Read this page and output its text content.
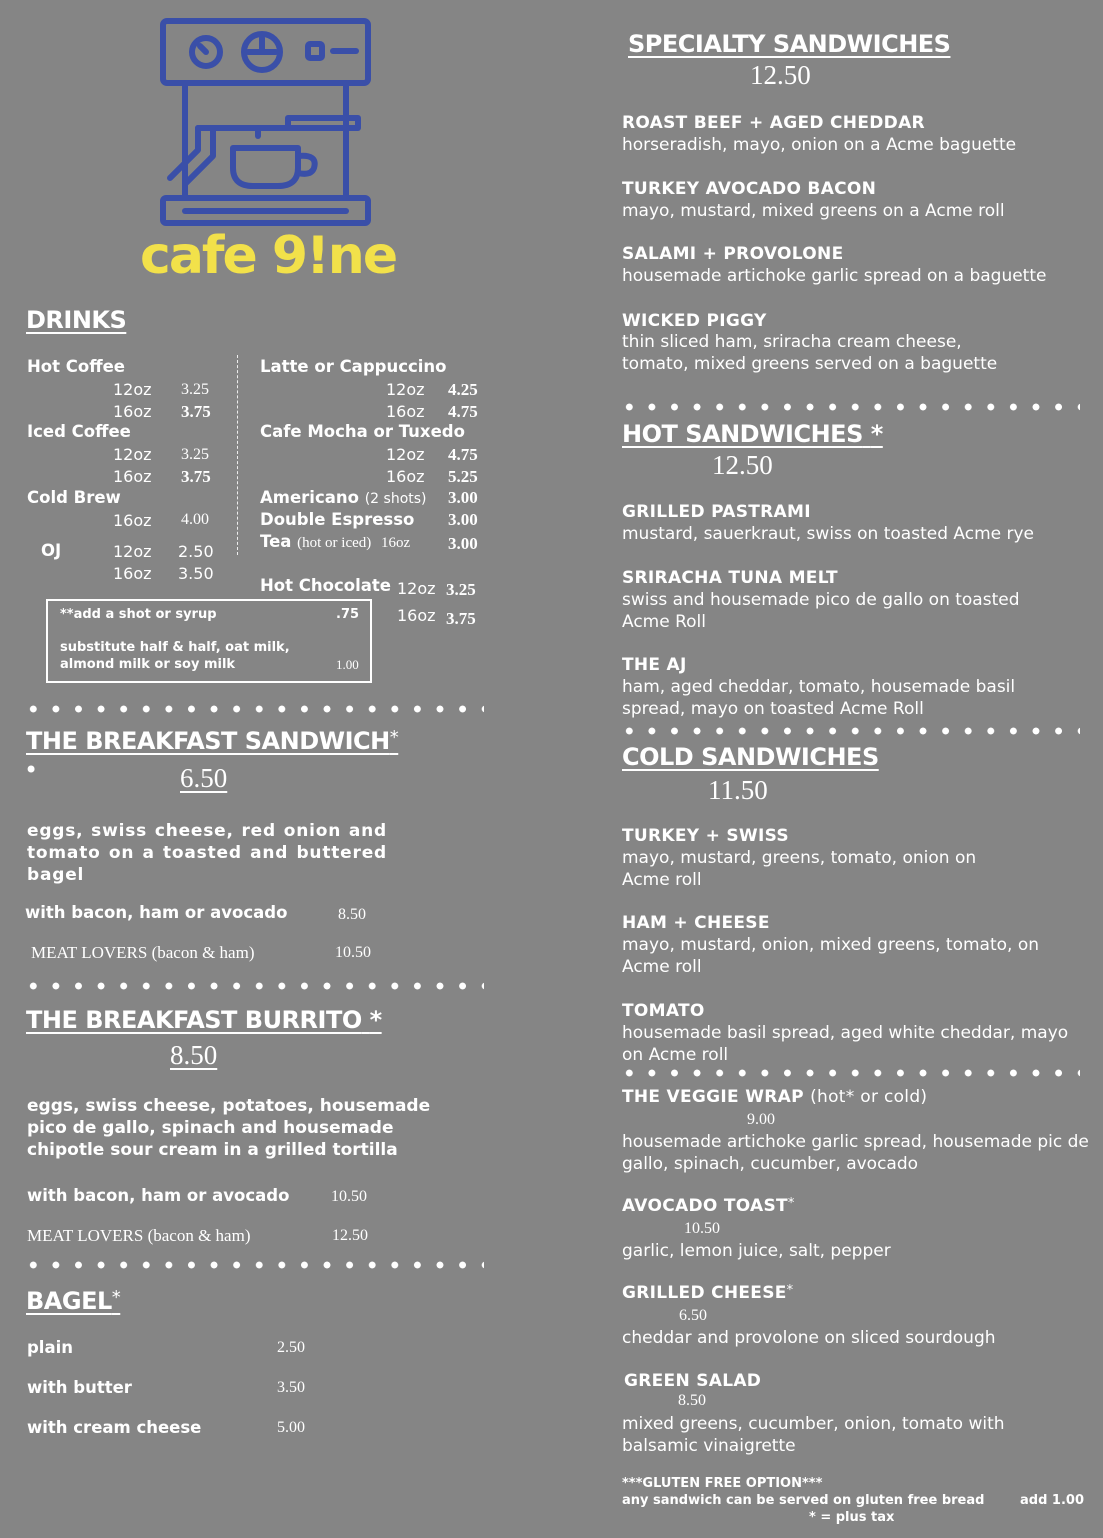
cafe 9!ne
DRINKS
Hot Coffee
12oz 3.25
16oz 3.75
Iced Coffee
12oz 3.25
16oz 3.75
Cold Brew
16oz 4.00
OJ	12oz 2.50
16oz 3.50
Latte or Cappuccino
12oz 4.25
16oz 4.75
Cafe Mocha or Tuxedo
12oz 4.75
16oz 5.25
Americano (2 shots) 3.00
Double Espresso 3.00
Tea (hot or iced) 16oz 3.00
Hot Chocolate 12oz 3.25
16oz 3.75
**add a shot or syrup	.75
substitute half & half, oat milk,
almond milk or soy milk	1.00
THE BREAKFAST SANDWICH*
•	6.50
eggs, swiss cheese, red onion and tomato on a toasted and buttered bagel
with bacon, ham or avocado	8.50
MEAT LOVERS (bacon & ham)	10.50
THE BREAKFAST BURRITO *
8.50
eggs, swiss cheese, potatoes, housemade pico de gallo, spinach and housemade chipotle sour cream in a grilled tortilla
with bacon, ham or avocado	10.50
MEAT LOVERS (bacon & ham)	12.50
BAGEL*
plain	2.50
with butter	3.50
with cream cheese	5.00
SPECIALTY SANDWICHES
12.50
ROAST BEEF + AGED CHEDDAR
horseradish, mayo, onion on a Acme baguette
TURKEY AVOCADO BACON
mayo, mustard, mixed greens on a Acme roll
SALAMI + PROVOLONE
housemade artichoke garlic spread on a baguette
WICKED PIGGY
thin sliced ham, sriracha cream cheese, tomato, mixed greens served on a baguette
HOT SANDWICHES *
12.50
GRILLED PASTRAMI
mustard, sauerkraut, swiss on toasted Acme rye
SRIRACHA TUNA MELT
swiss and housemade pico de gallo on toasted Acme Roll
THE AJ
ham, aged cheddar, tomato, housemade basil spread, mayo on toasted Acme Roll
COLD SANDWICHES
11.50
TURKEY + SWISS
mayo, mustard, greens, tomato, onion on Acme roll
HAM + CHEESE
mayo, mustard, onion, mixed greens, tomato, on Acme roll
TOMATO
housemade basil spread, aged white cheddar, mayo on Acme roll
THE VEGGIE WRAP (hot* or cold)
9.00
housemade artichoke garlic spread, housemade pic de gallo, spinach, cucumber, avocado
AVOCADO TOAST*
10.50
garlic, lemon juice, salt, pepper
GRILLED CHEESE*
6.50
cheddar and provolone on sliced sourdough
GREEN SALAD
8.50
mixed greens, cucumber, onion, tomato with balsamic vinaigrette
***GLUTEN FREE OPTION***
any sandwich can be served on gluten free bread	add 1.00
* = plus tax
